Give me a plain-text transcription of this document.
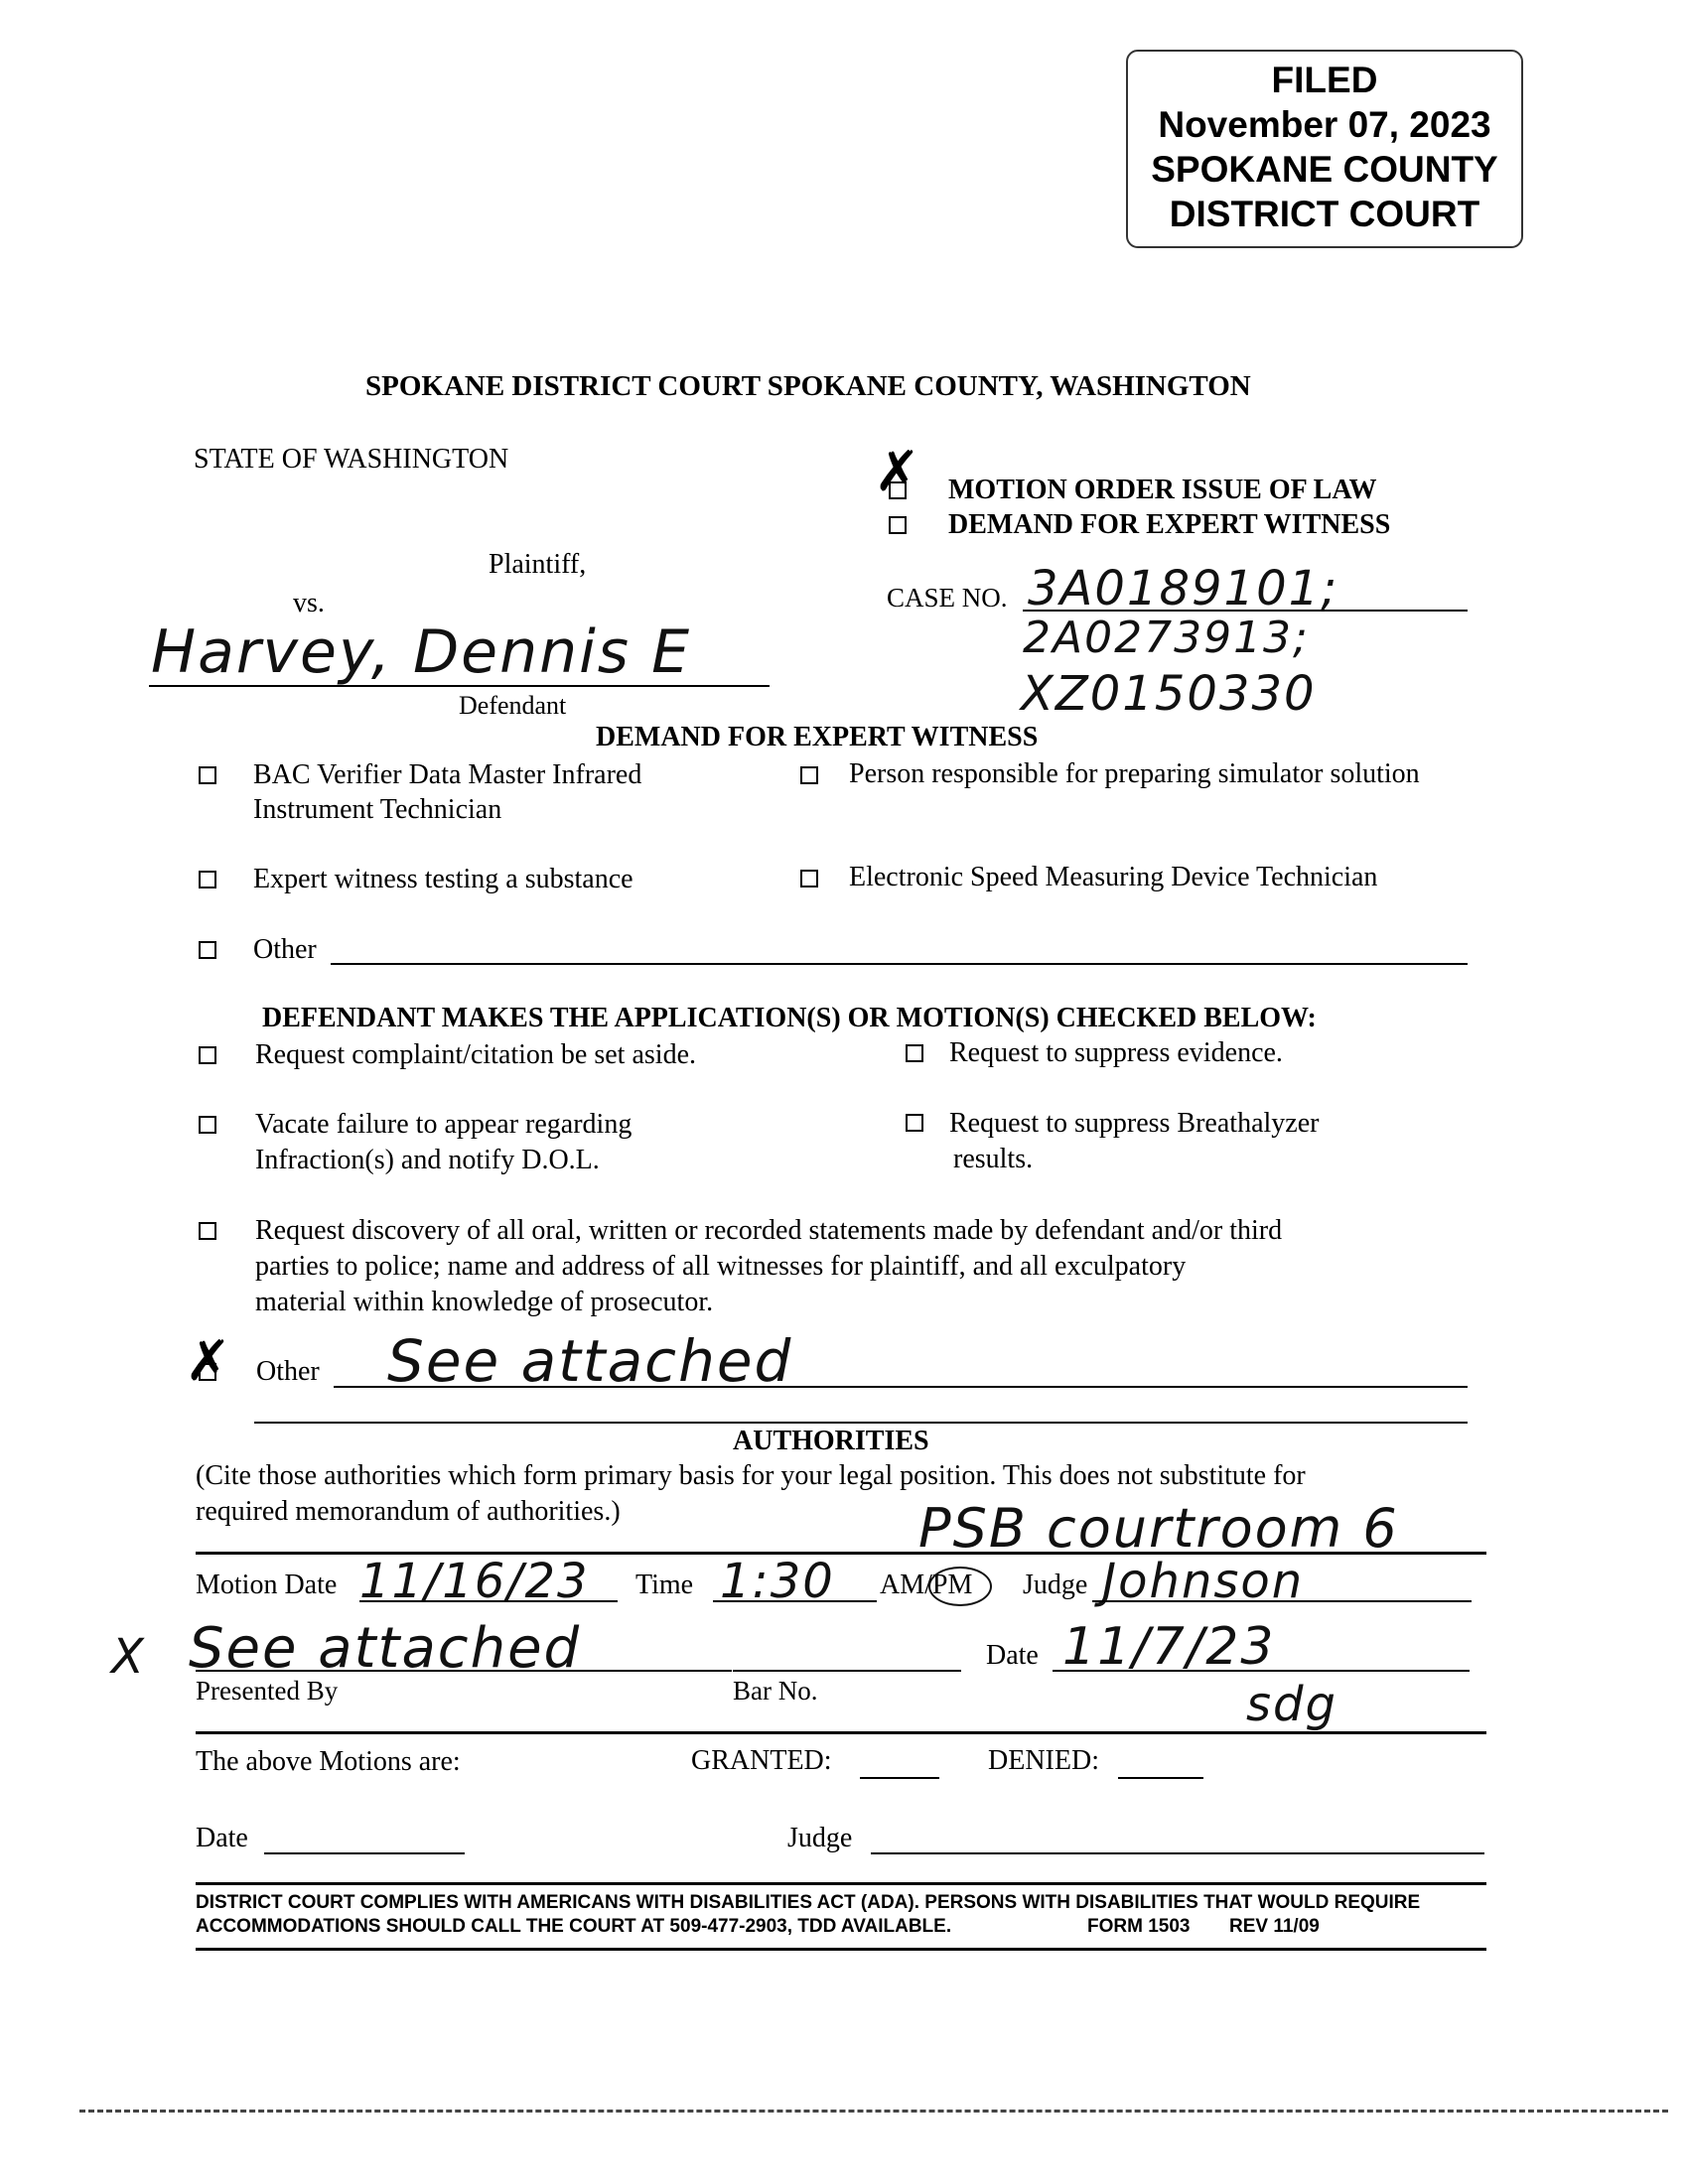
FILED
November 07, 2023
SPOKANE COUNTY
DISTRICT COURT
SPOKANE DISTRICT COURT SPOKANE COUNTY, WASHINGTON
STATE OF WASHINGTON
Plaintiff,
vs.
Harvey, Dennis E
Defendant
✗ MOTION ORDER ISSUE OF LAW
DEMAND FOR EXPERT WITNESS
CASE NO. 3A0189101;
2A0273913;
XZ0150330
DEMAND FOR EXPERT WITNESS
BAC Verifier Data Master Infrared
Instrument Technician
Person responsible for preparing simulator solution
Expert witness testing a substance	Electronic Speed Measuring Device Technician
Other
DEFENDANT MAKES THE APPLICATION(S) OR MOTION(S) CHECKED BELOW:
Request complaint/citation be set aside.	Request to suppress evidence.
Vacate failure to appear regarding
Infraction(s) and notify D.O.L.
Request to suppress Breathalyzer
results.
Request discovery of all oral, written or recorded statements made by defendant and/or third
parties to police; name and address of all witnesses for plaintiff, and all exculpatory
material within knowledge of prosecutor.
✗ Other See attached
AUTHORITIES
(Cite those authorities which form primary basis for your legal position. This does not substitute for
required memorandum of authorities.)	PSB courtroom 6
Motion Date 11/16/23 Time 1:30 AM/PM Judge Johnson
X See attached
Presented By	Bar No.
Date 11/7/23
sdg
The above Motions are:	GRANTED:	DENIED:
Date	Judge
DISTRICT COURT COMPLIES WITH AMERICANS WITH DISABILITIES ACT (ADA). PERSONS WITH DISABILITIES THAT WOULD REQUIRE
ACCOMMODATIONS SHOULD CALL THE COURT AT 509-477-2903, TDD AVAILABLE.	FORM 1503 REV 11/09
